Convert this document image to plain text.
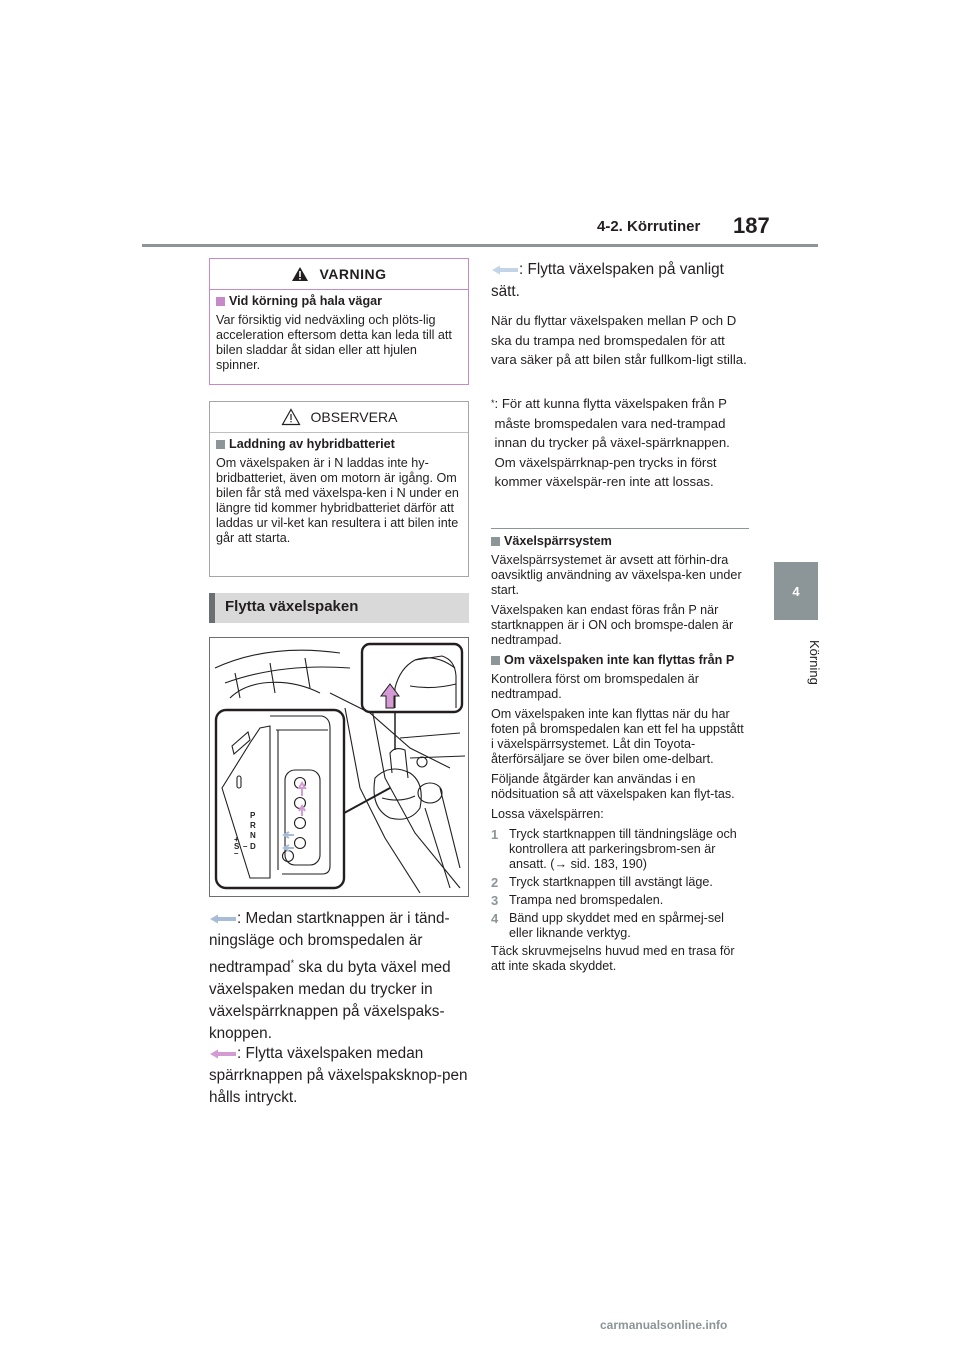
4-2. Körrutiner 187
4
Körning
VARNING
Vid körning på hala vägar
Var försiktig vid nedväxling och plöts-lig acceleration eftersom detta kan leda till att bilen sladdar åt sidan eller att hjulen spinner.
OBSERVERA
Laddning av hybridbatteriet
Om växelspaken är i N laddas inte hy-bridbatteriet, även om motorn är igång. Om bilen får stå med växelspa-ken i N under en längre tid kommer hybridbatteriet därför att laddas ur vil-ket kan resultera i att bilen inte går att starta.
Flytta växelspaken
P
R
N
D
+
S –
–
: Medan startknappen är i tänd-ningsläge och bromspedalen är nedtrampad* ska du byta växel med växelspaken medan du trycker in växelspärrknappen på växelspaks-knoppen.
: Flytta växelspaken medan spärrknappen på växelspaksknop-pen hålls intryckt.
: Flytta växelspaken på vanligt sätt.
När du flyttar växelspaken mellan P och D ska du trampa ned bromspedalen för att vara säker på att bilen står fullkom-ligt stilla.
* : För att kunna flytta växelspaken från P måste bromspedalen vara ned-trampad innan du trycker på växel-spärrknappen. Om växelspärrknap-pen trycks in först kommer växelspär-ren inte att lossas.
Växelspärrsystem
Växelspärrsystemet är avsett att förhin-dra oavsiktlig användning av växelspa-ken under start.
Växelspaken kan endast föras från P när startknappen är i ON och bromspe-dalen är nedtrampad.
Om växelspaken inte kan flyttas från P
Kontrollera först om bromspedalen är nedtrampad.
Om växelspaken inte kan flyttas när du har foten på bromspedalen kan ett fel ha uppstått i växelspärrsystemet. Låt din Toyota-återförsäljare se över bilen ome-delbart.
Följande åtgärder kan användas i en nödsituation så att växelspaken kan flyt-tas.
Lossa växelspärren:
1 Tryck startknappen till tändningsläge och kontrollera att parkeringsbrom-sen är ansatt. (→ sid. 183, 190)
2 Tryck startknappen till avstängt läge.
3 Trampa ned bromspedalen.
4 Bänd upp skyddet med en spårmej-sel eller liknande verktyg.
Täck skruvmejselns huvud med en trasa för att inte skada skyddet.
carmanualsonline.info
